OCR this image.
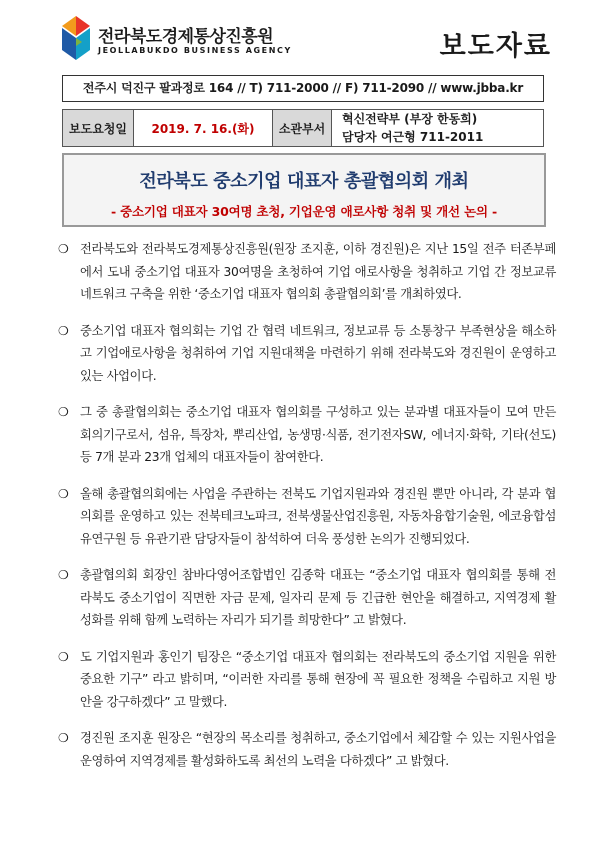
전라북도경제통상진흥원
JEOLLABUKDO BUSINESS AGENCY	보도자료
전주시 덕진구 팔과정로 164 // T) 711-2000 // F) 711-2090 // www.jbba.kr
보도요청일	2019. 7. 16.(화)	소관부서	
혁신전략부 (부장 한동희)
담당자 여근형 711-2011
전라북도 중소기업 대표자 총괄협의회 개최
- 중소기업 대표자 30여명 초청, 기업운영 애로사항 청취 및 개선 논의 -
❍ 전라북도와 전라북도경제통상진흥원(원장 조지훈, 이하 경진원)은 지난 15일 전주 터존부페에서 도내 중소기업 대표자 30여명을 초청하여 기업 애로사항을 청취하고 기업 간 정보교류 네트워크 구축을 위한 ‘중소기업 대표자 협의회 총괄협의회’를 개최하였다.
❍ 중소기업 대표자 협의회는 기업 간 협력 네트워크, 정보교류 등 소통창구 부족현상을 해소하고 기업애로사항을 청취하여 기업 지원대책을 마련하기 위해 전라북도와 경진원이 운영하고 있는 사업이다.
❍ 그 중 총괄협의회는 중소기업 대표자 협의회를 구성하고 있는 분과별 대표자들이 모여 만든 회의기구로서, 섬유, 특장차, 뿌리산업, 농생명·식품, 전기전자SW, 에너지·화학, 기타(선도) 등 7개 분과 23개 업체의 대표자들이 참여한다.
❍ 올해 총괄협의회에는 사업을 주관하는 전북도 기업지원과와 경진원 뿐만 아니라, 각 분과 협의회를 운영하고 있는 전북테크노파크, 전북생물산업진흥원, 자동차융합기술원, 에코융합섬유연구원 등 유관기관 담당자들이 참석하여 더욱 풍성한 논의가 진행되었다.
❍ 총괄협의회 회장인 참바다영어조합법인 김종학 대표는 “중소기업 대표자 협의회를 통해 전라북도 중소기업이 직면한 자금 문제, 일자리 문제 등 긴급한 현안을 해결하고, 지역경제 활성화를 위해 함께 노력하는 자리가 되기를 희망한다” 고 밝혔다.
❍ 도 기업지원과 홍인기 팀장은 “중소기업 대표자 협의회는 전라북도의 중소기업 지원을 위한 중요한 기구” 라고 밝히며, “이러한 자리를 통해 현장에 꼭 필요한 정책을 수립하고 지원 방안을 강구하겠다” 고 말했다.
❍ 경진원 조지훈 원장은 “현장의 목소리를 청취하고, 중소기업에서 체감할 수 있는 지원사업을 운영하여 지역경제를 활성화하도록 최선의 노력을 다하겠다” 고 밝혔다.
